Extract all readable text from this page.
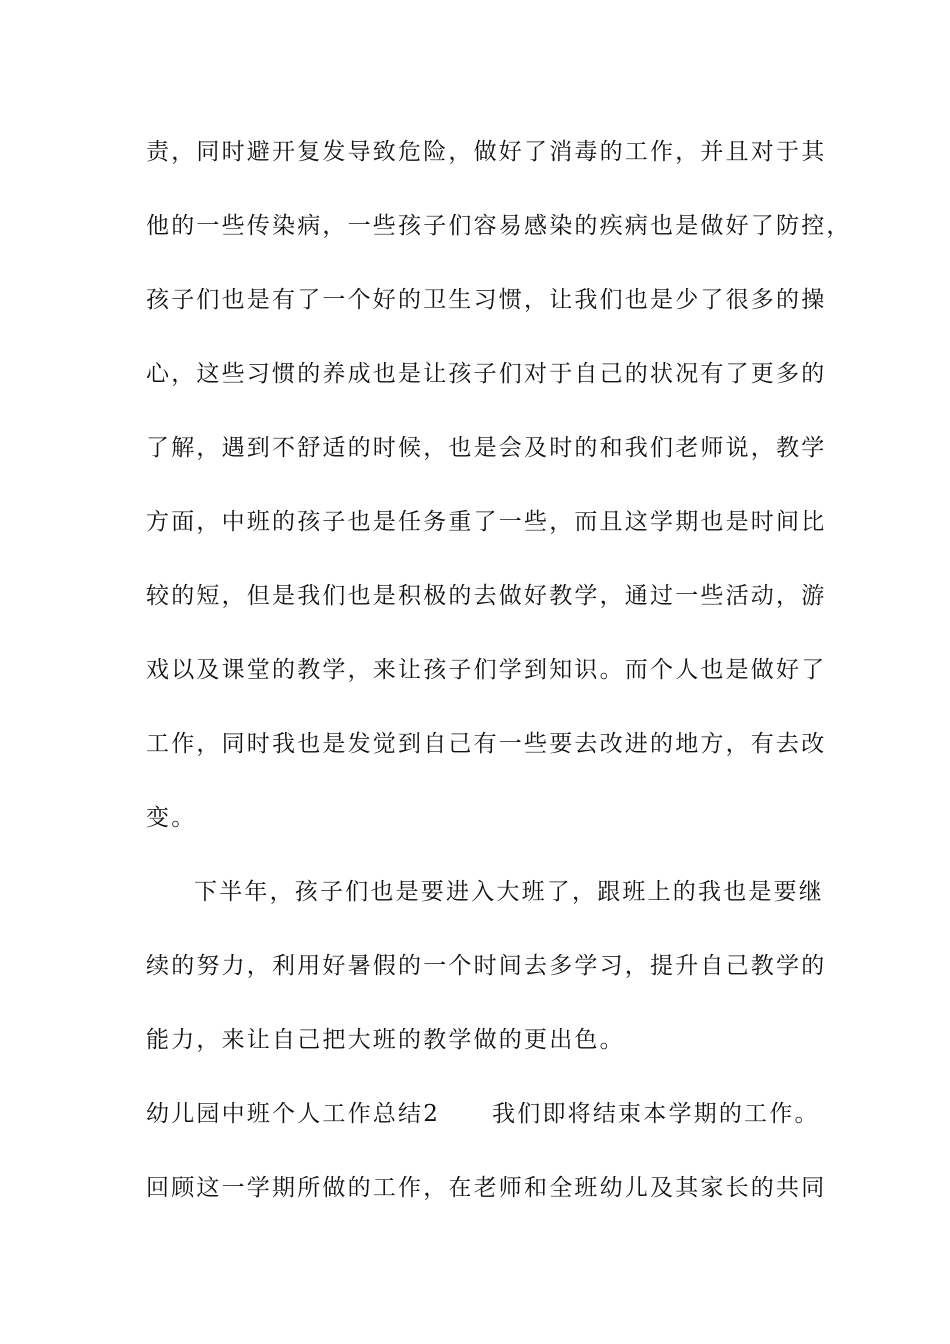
责，同时避开复发导致危险，做好了消毒的工作，并且对于其
他的一些传染病，一些孩子们容易感染的疾病也是做好了防控，
孩子们也是有了一个好的卫生习惯，让我们也是少了很多的操
心，这些习惯的养成也是让孩子们对于自己的状况有了更多的
了解，遇到不舒适的时候，也是会及时的和我们老师说，教学
方面，中班的孩子也是任务重了一些，而且这学期也是时间比
较的短，但是我们也是积极的去做好教学，通过一些活动，游
戏以及课堂的教学，来让孩子们学到知识。而个人也是做好了
工作，同时我也是发觉到自己有一些要去改进的地方，有去改
变。
下半年，孩子们也是要进入大班了，跟班上的我也是要继
续的努力，利用好暑假的一个时间去多学习，提升自己教学的
能力，来让自己把大班的教学做的更出色。
幼儿园中班个人工作总结2 我们即将结束本学期的工作。
回顾这一学期所做的工作，在老师和全班幼儿及其家长的共同
